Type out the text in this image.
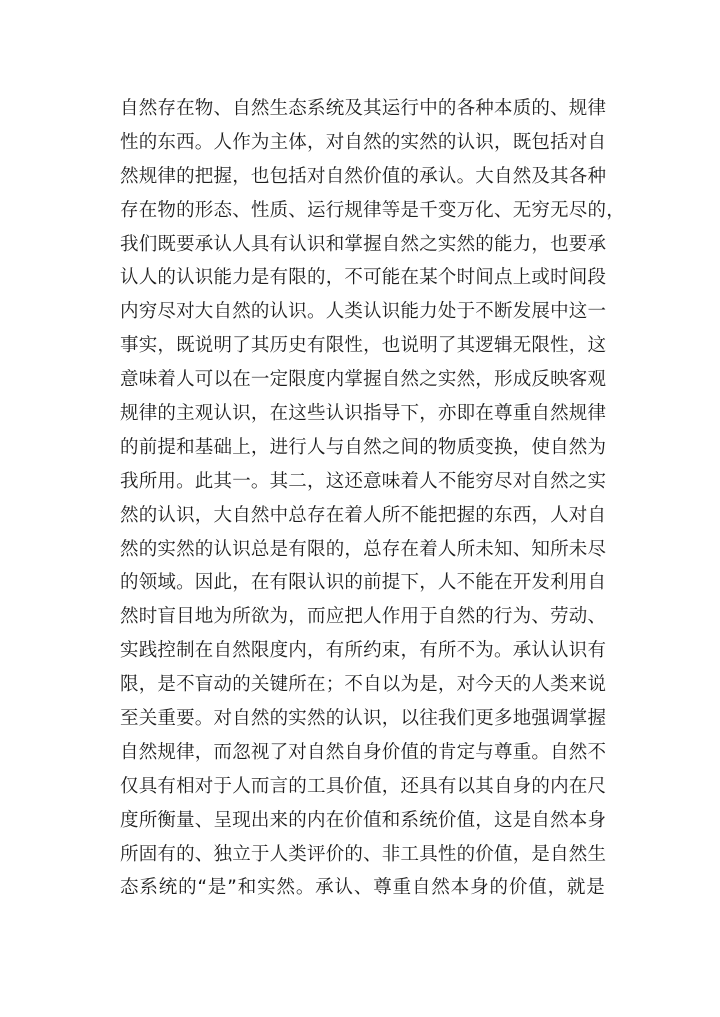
自然存在物、自然生态系统及其运行中的各种本质的、规律
性的东西。人作为主体，对自然的实然的认识，既包括对自
然规律的把握，也包括对自然价值的承认。大自然及其各种
存在物的形态、性质、运行规律等是千变万化、无穷无尽的，
我们既要承认人具有认识和掌握自然之实然的能力，也要承
认人的认识能力是有限的，不可能在某个时间点上或时间段
内穷尽对大自然的认识。人类认识能力处于不断发展中这一
事实，既说明了其历史有限性，也说明了其逻辑无限性，这
意味着人可以在一定限度内掌握自然之实然，形成反映客观
规律的主观认识，在这些认识指导下，亦即在尊重自然规律
的前提和基础上，进行人与自然之间的物质变换，使自然为
我所用。此其一。其二，这还意味着人不能穷尽对自然之实
然的认识，大自然中总存在着人所不能把握的东西，人对自
然的实然的认识总是有限的，总存在着人所未知、知所未尽
的领域。因此，在有限认识的前提下，人不能在开发利用自
然时盲目地为所欲为，而应把人作用于自然的行为、劳动、
实践控制在自然限度内，有所约束，有所不为。承认认识有
限，是不盲动的关键所在；不自以为是，对今天的人类来说
至关重要。对自然的实然的认识，以往我们更多地强调掌握
自然规律，而忽视了对自然自身价值的肯定与尊重。自然不
仅具有相对于人而言的工具价值，还具有以其自身的内在尺
度所衡量、呈现出来的内在价值和系统价值，这是自然本身
所固有的、独立于人类评价的、非工具性的价值，是自然生
态系统的“是”和实然。承认、尊重自然本身的价值，就是
